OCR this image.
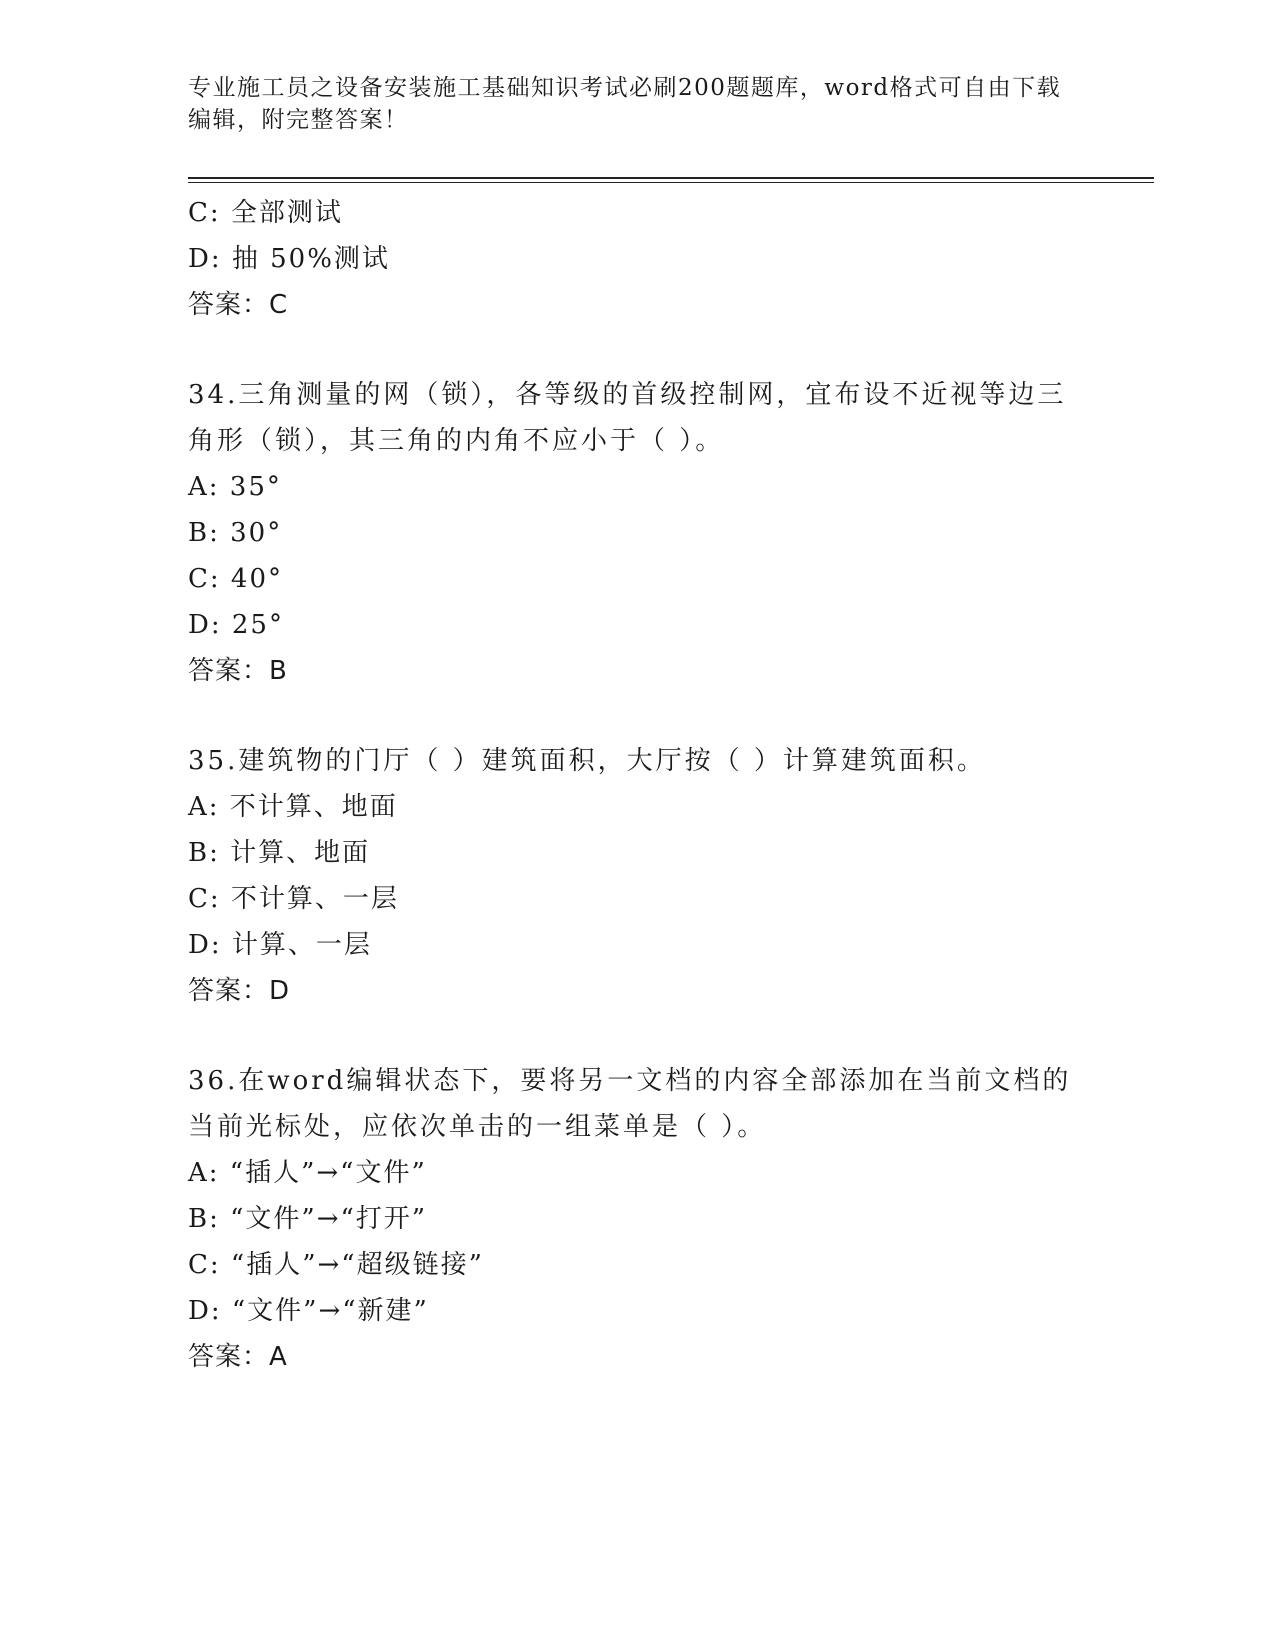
专业施工员之设备安装施工基础知识考试必刷200题题库，word格式可自由下载
编辑，附完整答案！
C: 全部测试
D: 抽 50%测试
答案：C
34.三角测量的网（锁），各等级的首级控制网，宜布设不近视等边三
角形（锁），其三角的内角不应小于（ ）。
A: 35°
B: 30°
C: 40°
D: 25°
答案：B
35.建筑物的门厅（ ）建筑面积，大厅按（ ）计算建筑面积。
A: 不计算、地面
B: 计算、地面
C: 不计算、一层
D: 计算、一层
答案：D
36.在word编辑状态下，要将另一文档的内容全部添加在当前文档的
当前光标处，应依次单击的一组菜单是（ ）。
A: “插人”→“文件”
B: “文件”→“打开”
C: “插人”→“超级链接”
D: “文件”→“新建”
答案：A
